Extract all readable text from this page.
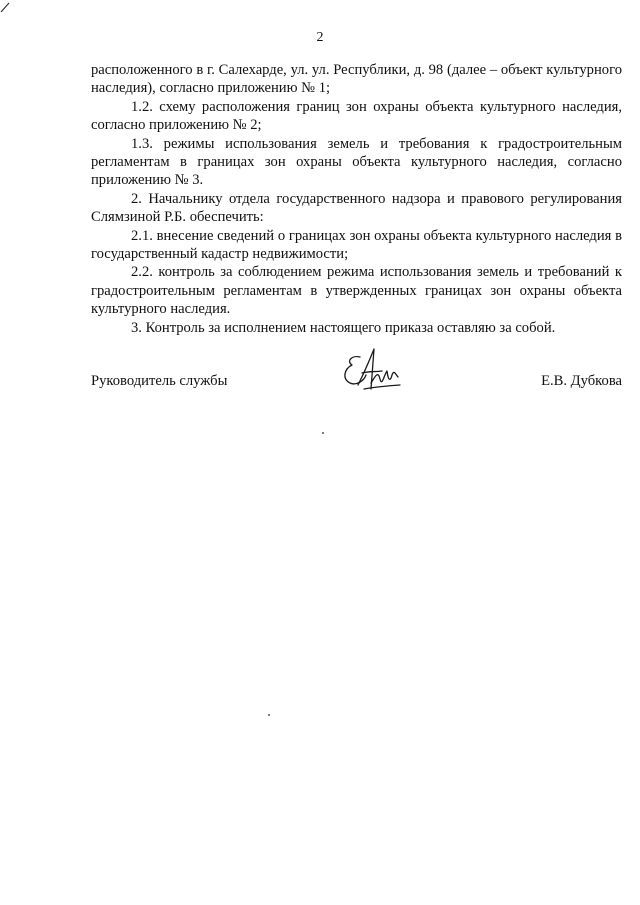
2

расположенного в г. Салехарде, ул. ул. Республики, д. 98 (далее – объект культурного наследия), согласно приложению № 1;

1.2. схему расположения границ зон охраны объекта культурного наследия, согласно приложению № 2;

1.3. режимы использования земель и требования к градостроительным регламентам в границах зон охраны объекта культурного наследия, согласно приложению № 3.

2. Начальнику отдела государственного надзора и правового регулирования Слямзиной Р.Б. обеспечить:

2.1. внесение сведений о границах зон охраны объекта культурного наследия в государственный кадастр недвижимости;

2.2. контроль за соблюдением режима использования земель и требований к градостроительным регламентам в утвержденных границах зон охраны объекта культурного наследия.

3. Контроль за исполнением настоящего приказа оставляю за собой.

Руководитель службы	Е.В. Дубкова
